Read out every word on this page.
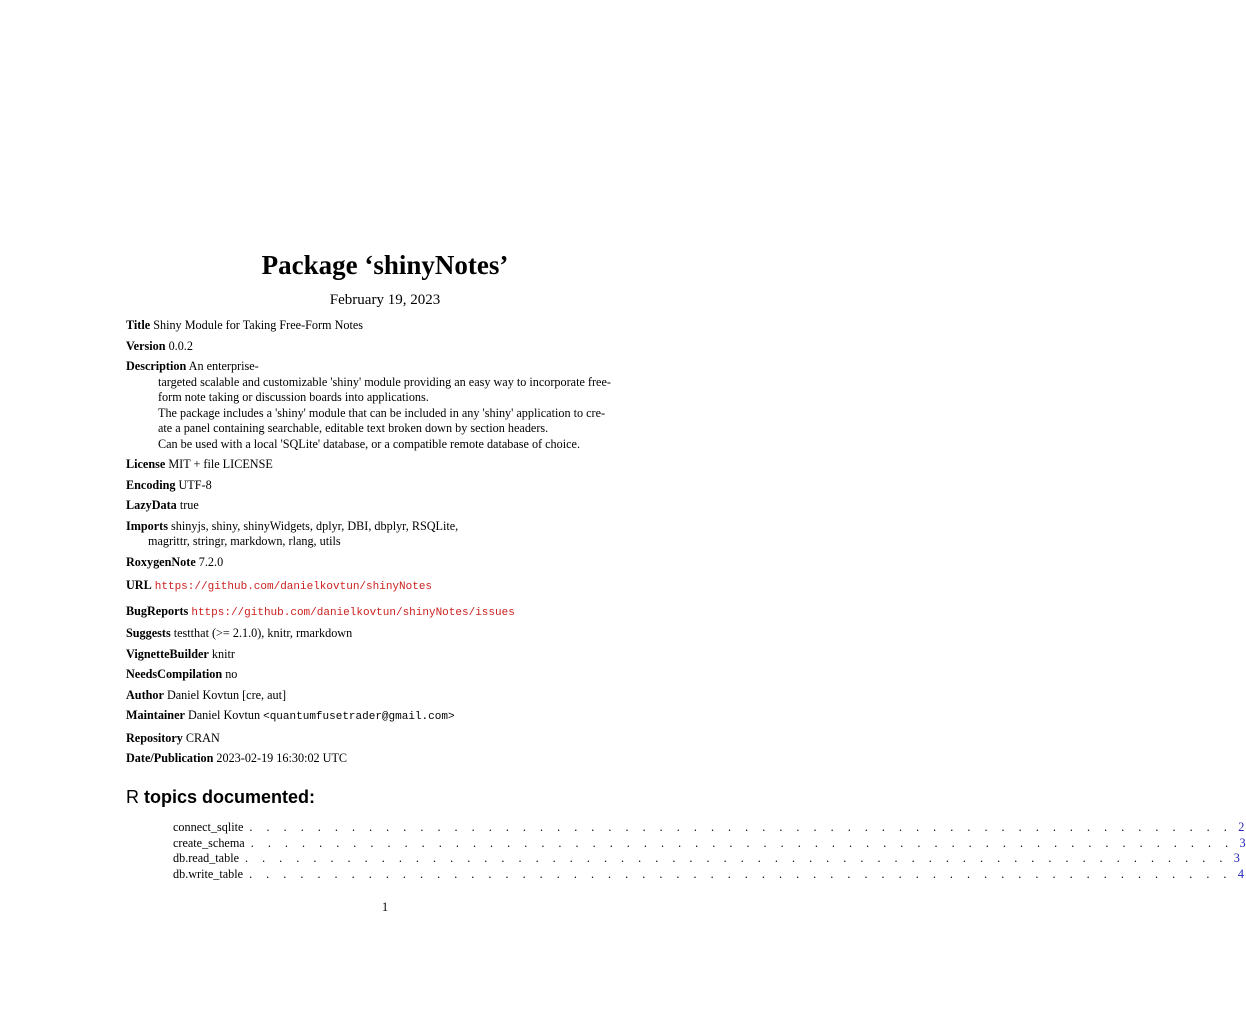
Package ‘shinyNotes’

February 19, 2023

Title Shiny Module for Taking Free-Form Notes
Version 0.0.2
Description An enterprise-
targeted scalable and customizable 'shiny' module providing an easy way to incorporate free-
form note taking or discussion boards into applications.
The package includes a 'shiny' module that can be included in any 'shiny' application to cre-
ate a panel containing searchable, editable text broken down by section headers.
Can be used with a local 'SQLite' database, or a compatible remote database of choice.
License MIT + file LICENSE
Encoding UTF-8
LazyData true
Imports shinyjs, shiny, shinyWidgets, dplyr, DBI, dbplyr, RSQLite,
magrittr, stringr, markdown, rlang, utils
RoxygenNote 7.2.0
URL https://github.com/danielkovtun/shinyNotes
BugReports https://github.com/danielkovtun/shinyNotes/issues
Suggests testthat (>= 2.1.0), knitr, rmarkdown
VignetteBuilder knitr
NeedsCompilation no
Author Daniel Kovtun [cre, aut]
Maintainer Daniel Kovtun <quantumfusetrader@gmail.com>
Repository CRAN
Date/Publication 2023-02-19 16:30:02 UTC
R topics documented:
connect_sqlite . . . . . . . . . . . . . . . . . . . . . . . . . . . . . . . . . . . . . . . . . . . . . . . . . . . . . . . . . . 2
create_schema . . . . . . . . . . . . . . . . . . . . . . . . . . . . . . . . . . . . . . . . . . . . . . . . . . . . . . . . . . 3
db.read_table . . . . . . . . . . . . . . . . . . . . . . . . . . . . . . . . . . . . . . . . . . . . . . . . . . . . . . . . . . 3
db.write_table . . . . . . . . . . . . . . . . . . . . . . . . . . . . . . . . . . . . . . . . . . . . . . . . . . . . . . . . . . 4
1
